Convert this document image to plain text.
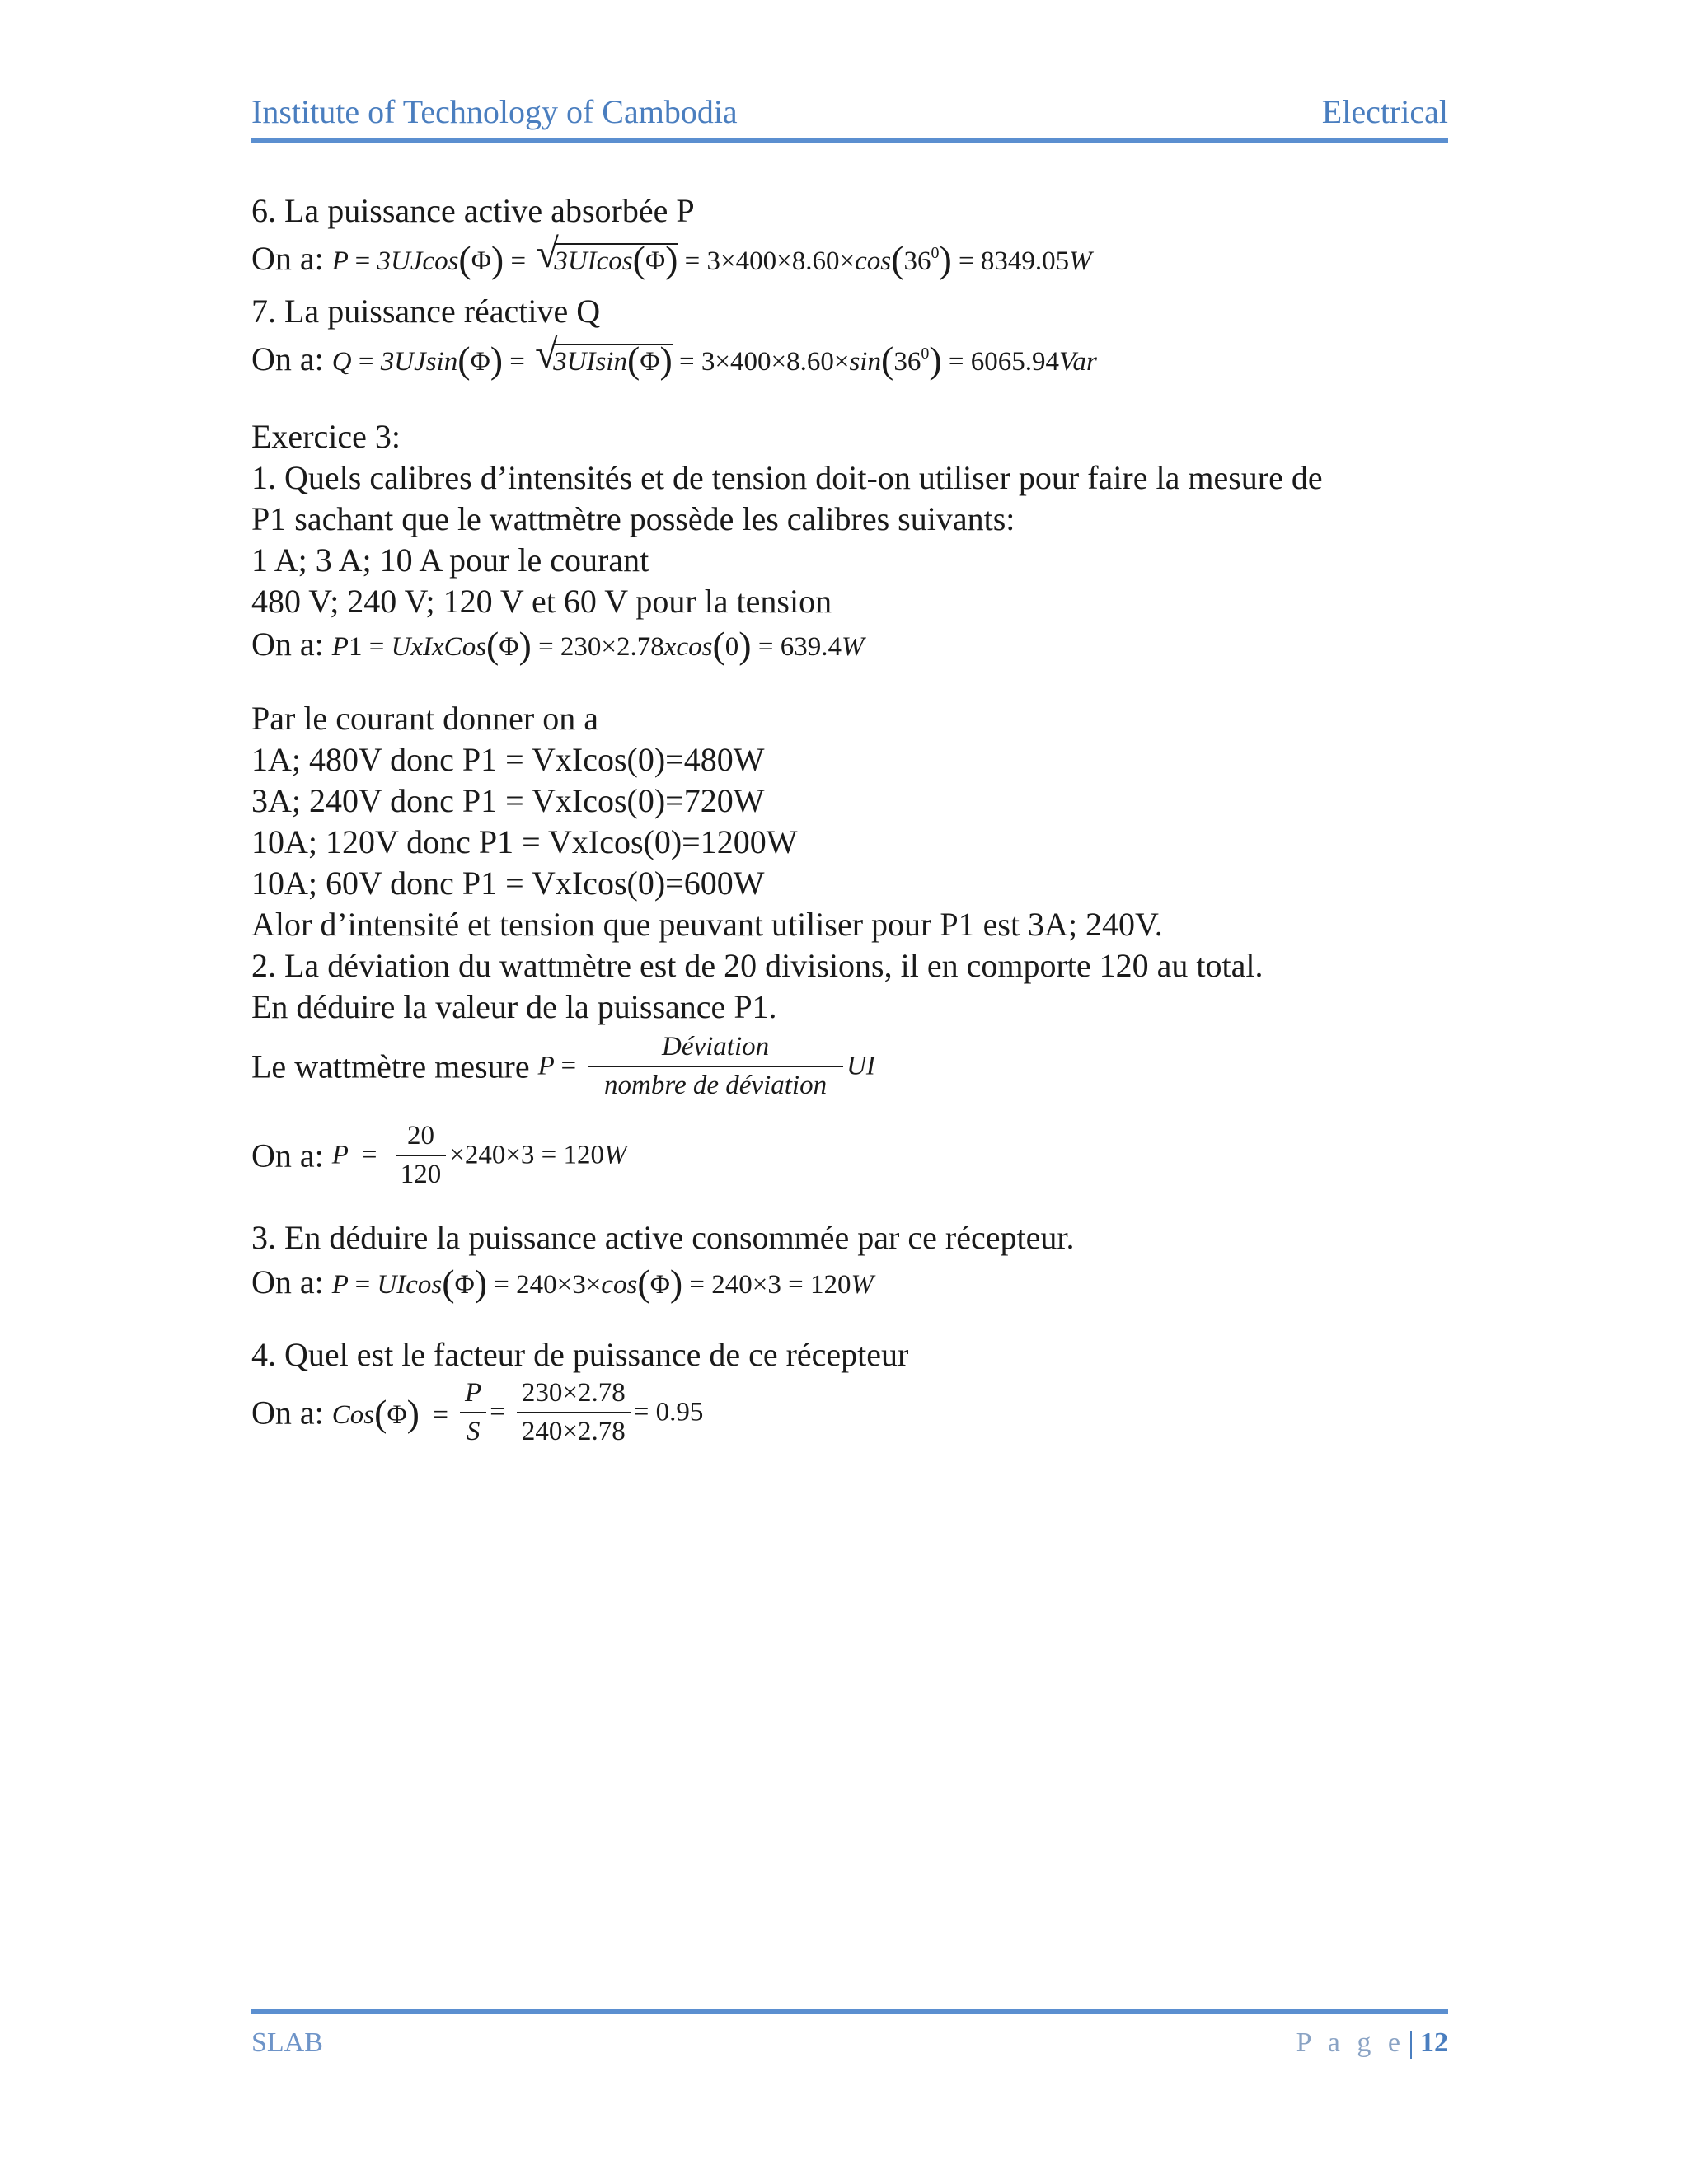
Institute of Technology of Cambodia	Electrical
6. La puissance active absorbée P
On a: P = 3UJcos(Φ) = √
$3UIcos(\Phi) = 3\times 400\times 8.60\times\cos(36^0) = 8349.05W$
7. La puissance réactive Q
On a: Q = 3UJsin(Φ) = √
$3UIsin(\Phi) = 3\times 400\times 8.60\times\sin(36^0) = 6065.94Var$
Exercice 3:
1. Quels calibres d’intensités et de tension doit-on utiliser pour faire la mesure de
P1 sachant que le wattmètre possède les calibres suivants:
1 A; 3 A; 10 A pour le courant
480 V; 240 V; 120 V et 60 V pour la tension
On a: P1 = UxIxCos(Φ) = 230×2.78xcos(0) = 639.4W
Par le courant donner on a
1A; 480V donc P1 = VxIcos(0)=480W
3A; 240V donc P1 = VxIcos(0)=720W
10A; 120V donc P1 = VxIcos(0)=1200W
10A; 60V donc P1 = VxIcos(0)=600W
Alor d’intensité et tension que peuvant utiliser pour P1 est 3A; 240V.
2. La déviation du wattmètre est de 20 divisions, il en comporte 120 au total.
En déduire la valeur de la puissance P1.
Le wattmètre mesure $P = \frac{\text{Déviation}}{\text{nombre de déviation}}$ UI
On a: $P = \frac{20}{120} \times 240\times 3 = 120W$
3. En déduire la puissance active consommée par ce récepteur.
On a: P = UIcos(Φ) = 240×3×cos(Φ) = 240×3 = 120W
4. Quel est le facteur de puissance de ce récepteur
On a: $Cos(\Phi) = \frac{P}{S} = \frac{230\times 2.78}{240\times 2.78} = 0.95$
SLAB	P a g e 12
